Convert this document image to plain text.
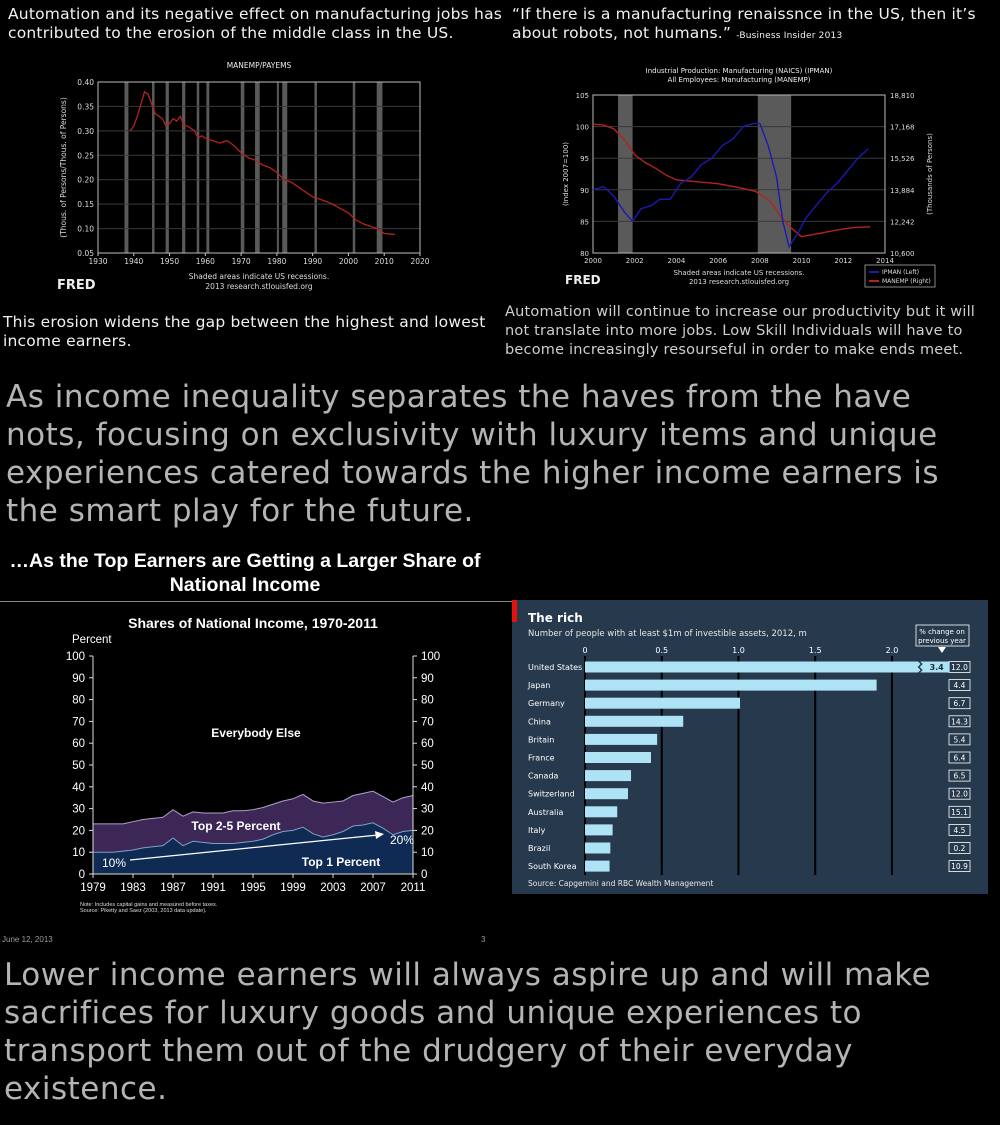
Automation and its negative effect on manufacturing jobs has contributed to the erosion of the middle class in the US.
“If there is a manufacturing renaissnce in the US, then it’s about robots, not humans.” -Business Insider 2013
0.05
0.10
0.15
0.20
0.25
0.30
0.35
0.40
1930 1940 1950 1960 1970 1980 1990 2000 2010 2020
MANEMP/PAYEMS
(Thous. of Persons/Thous. of Persons)
Shaded areas indicate US recessions.
2013 research.stlouisfed.org
FRED
80	10,600
85	12,242
90	13,884
95	15,526
100	17,168
105	18,810
2000	2002	2004	2006	2008	2010	2012	2014
Industrial Production: Manufacturing (NAICS) (IPMAN)
All Employees: Manufacturing (MANEMP)
(Index 2007=100)	(Thousands of Persons)
Shaded areas indicate US recessions.
2013 research.stlouisfed.org
FRED
IPMAN (Left)
MANEMP (Right)
This erosion widens the gap between the highest and lowest income earners.
Automation will continue to increase our productivity but it will not translate into more jobs. Low Skill Individuals will have to become increasingly resourseful in order to make ends meet.
As income inequality separates the haves from the have nots, focusing on exclusivity with luxury items and unique experiences catered towards the higher income earners is the smart play for the future.
…As the Top Earners are Getting a Larger Share of National Income
0	0
10	10
20	20
30	30
40	40
50	50
60	60
70	70
80	80
90	90
100	100
1979 1983 1987 1991 1995 1999 2003 2007 2011
Shares of National Income, 1970-2011
Percent
Everybody Else
Top 2-5 Percent
Top 1 Percent
10%
20%
Note: Includes capital gains and measured before taxes.
Source: Piketty and Saez (2003, 2013 data update).
The rich
Number of people with at least $1m of investible assets, 2012, m
0	0.5	1.0	1.5	2.0
% change on
previous year
United States	12.0
3.4
Japan	4.4
Germany	6.7
China	14.3
Britain	5.4
France	6.4
Canada	6.5
Switzerland	12.0
Australia	15.1
Italy	4.5
Brazil	0.2
South Korea	10.9
Source: Capgemini and RBC Wealth Management
June 12, 2013	3
Lower income earners will always aspire up and will make sacrifices for luxury goods and unique experiences to transport them out of the drudgery of their everyday existence.
